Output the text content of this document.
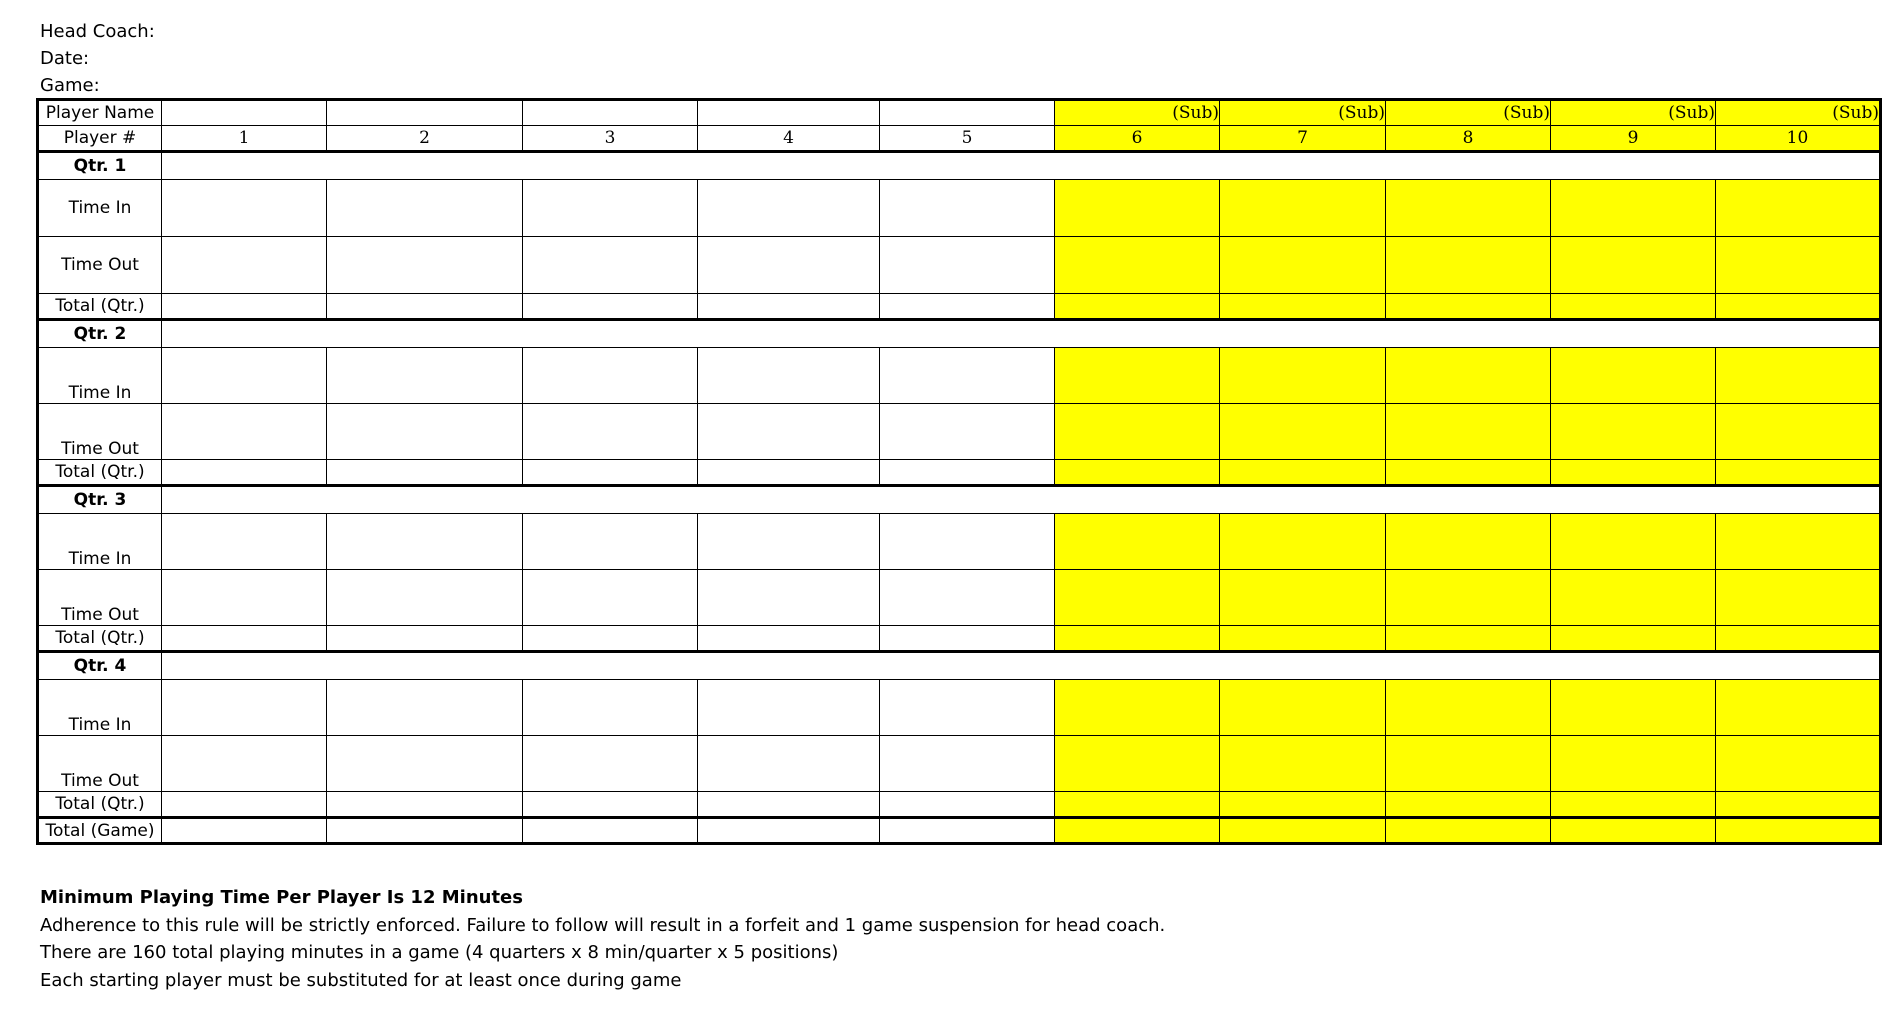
Head Coach:
Date:
Game:
Player Name						(Sub)	(Sub)	(Sub)	(Sub)	(Sub)
Player #	1	2	3	4	5	6	7	8	9	10
Qtr. 1										
Time In										
Time Out										
Total (Qtr.)										
Qtr. 2										
Time In										
Time Out										
Total (Qtr.)										
Qtr. 3										
Time In										
Time Out										
Total (Qtr.)										
Qtr. 4										
Time In										
Time Out										
Total (Qtr.)										
Total (Game)										
Minimum Playing Time Per Player Is 12 Minutes
Adherence to this rule will be strictly enforced. Failure to follow will result in a forfeit and 1 game suspension for head coach.
There are 160 total playing minutes in a game (4 quarters x 8 min/quarter x 5 positions)
Each starting player must be substituted for at least once during game
